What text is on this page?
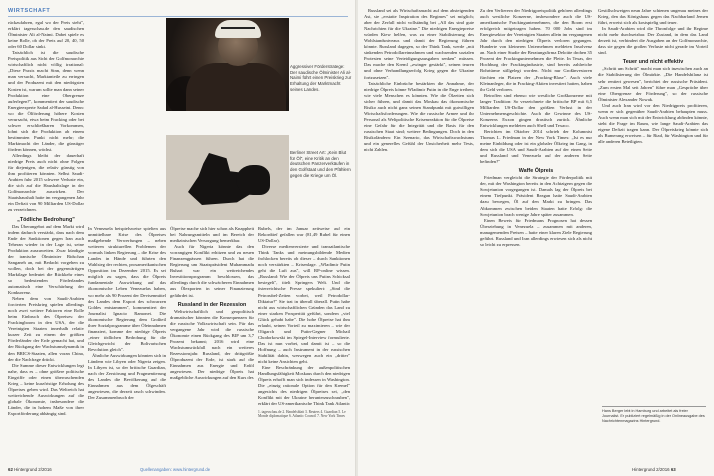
WIRTSCHAFT

rückzufahren, egal wo der Preis steht", erklärt tagesschau.de den saudischen Ölminister Ali al-Naimi. Dabei spiele es keine Rolle, ob der Preis auf 20, 40, 50 oder 60 Dollar sinkt.

Tatsächlich ist die saudische Preispolitik aus Sicht der Golfmonarchie wirtschaftlich nicht völlig irrational: „Diese Praxis macht Sinn, denn wenn man versucht, Marktanteile zu erringen und der Produzent mit den niedrigsten Kosten ist, warum sollte man dann seiner Produktion eine Obergrenze auferlegen?", kommentiert der saudische Energieexperte Sadad al-Husseini. Denn: wo die Ölförderung höhere Kosten verursacht, etwa beim Fracking oder bei schwer erschließbaren Vorkommen, lohnt sich die Produktion ab einem bestimmten Punkt nicht mehr; die Marktmacht der Länder, die günstiger fördern können, wächst.

Allerdings bleibt der dauerhaft niedrige Preis auch nicht ohne Folgen für diejenigen, die relativ günstig von ihm profitieren könnten. Selbst Saudi-Arabien fuhr 2015 schwere Verluste ein, die sich auf die Haushaltslage in der Golfmonarchie auswirken. Der Staatshaushalt hatte im vergangenen Jahr ein Defizit von 90 Milliarden US-Dollar zu verzeichnen.

„Tödliche Bedrohung"

Das Überangebot auf dem Markt wird indem dadurch verstärkt, dass nach dem Ende der Sanktionen gegen Iran auch Teheran wieder in der Lage ist, seine Produktion auszuweiten. Zwar kündigte der iranische Ölminister Bidschan Sanganeh an, mit Bedacht vorgehen zu wollen, doch bei der gegenwärtigen Marktlage bedeutet die Rückkehr eines so bedeutenden Förderlandes automatisch eine Verschärfung der Konkurrenz.

Neben dem von Saudi-Arabien forcierten Preiskrieg spielen allerdings noch zwei weitere Faktoren eine Rolle beim Einbruch des Ölpreises: der Frackingboom in den USA, der die Vereinigten Staaten innerhalb relativ kurzer Zeit zu einem der größten Förderländer der Erde gemacht hat, und der Rückgang der Wachstumsdynamik in den BRICS-Staaten, allen voran China, der die Nachfrage drückt.

Die Summe dieser Entwicklungen legt nahe, dass es – ohne größere politische Eingriffe oder einen überraschenden Krieg – keine kurzfristige Erholung des Ölpreises geben wird. Das Weltreich hat weitreichende Auswirkungen auf die globale Ökonomie, insbesondere die Länder, die in hohem Maße von ihrer Exportförderung abhängig sind.

Aggressiver Förderstratege: Der saudische Ölminister Ali al-Naimi führt einen Preiskrieg zur Erhaltung der Marktmacht seines Landes.
Berliner Street Art: „Kein Blut für Öl", eine Kritik an den deutschen Panzerverkäufen in den Golfstaat und den Pfählern gegen die Kriege um Öl.

In Venezuela beispielsweise spielten aus unmittelbare Krise des Ölpreises maßgebende Verwerfungen – neben weiteren strukturellen Problemen der vormals linken Regierung – die Krise des Landes in Hände und führten den Wahlsieg der rechten, prosamerikanischen Opposition im Dezember 2015. Es sei möglich zu sagen, dass die Ölpreis fundamentale Auswirkung auf das ökonomische Leben Venezuelas haben, wo mehr als 90 Prozent der Devisenmittel des Landes dem Export des schwarzen Goldes entstammen", kommentiert der Journalist Ignacio Ramonet. Die ökonomische Regierung dem Großteil ihrer Sozialprogramme über Öleinnahmen finanziert, komme der niedrige Ölpreis „einer tödlichen Bedrohung für die Gleichgewicht der Bolivarischen Revolution gleich".

Ähnliche Auswirkungen könnten sich in Ländern wie Libyen oder Nigeria zeigen. In Libyen ist, so der britische Guardian, nach der Zerstörung und Fragmentierung des Landes die Bevölkerung auf die Einnahmen aus dem Ölgeschäft angewiesen, die derzeit rasch schwinden. Der Zusammenbruch der

Ölpreise mache sich hier schon als Knappheit bei Nahrungsmitteln und im Bereich der medizinischen Versorgung bemerkbar.

Auch für Nigeria könnte das den vorrangigen Konflikt erhitzen und zu neuen Finanzengpässen führen. Durch hat die Regierung um Staatspräsident Muhammadu Buhari war ein weitreichendes Investitionsprogramm beschlossen, das allerdings durch die schwächeren Einnahmen aus Ölexporten in seiner Finanzierung gefährdet ist.

Russland in der Rezession

Weltwirtschaftlich und geopolitisch dramatischer könnten die Konsequenzen für die russische Volkswirtschaft sein. Für das vergangene Jahr wird die russische Ökonomie einen Rückgang des BIP um 3,7 Prozent bekannt; 2016 wird eine Wachstumsrückfall nach ein weiteres Rezessionsjahr. Russland, der drittgrößte Ölproduzent der Erde, ist stark auf die Einnahmen aus Energie und Erdöl angewiesen. Der niedrige Ölpreis hat maßgebliche Auswirkungen auf den Kurs des

Rubels, der im Januar zeitweise auf ein Rekordtief gefallen war (81,49 Rubel für einen US-Dollar).

Diverse medienversierte und transatlantische Think Tanks und meinungsbildende Medien frohlocken bereits ob dieser – durch Sanktionen noch verstärkten – Krisenlage. „Wladimir Putin geht die Luft aus", will RP-online wissen. „Russland: Wie der Ölpreis uns Putins Schicksal besiegelt", titelt Springers Welt. Und die österreichische Presse spekuliert: „Sind die Petrorubel-Zeiten vorbei, weil Petrodollar-Diktatur?" Sie trat in überall überall. Putin habe nicht aus wirtschaftlichen Gründen das Land zu einer starken Prosperität geführt, sondern „viel Glück gehabt habe". Die hohe Ölpreise hat ihm erlaubt, seinen Vorteil zu maximieren – wie der Oligarch und Putin-Gegner Michail Chodorkowski im Spiegel-Interview formulierte. Das ist nun vorbei, und damit ist – so die Hoffnung – auch Instrument in der russischen Stabilität dahin, weswegen auch ein „dritter" nicht keine Ansichten geht.

Eine Beschränkung der außenpolitischen Handlungsfähigkeit Moskaus durch den niedrigen Ölpreis erhofft man sich indessen in Washington. Die „einzig rationale Option für den Kremel" angesichts des niedrigen Ölpreises sei, „den Konflikt mit der Ukraine herunterzuschrauben", erklärt der US-amerikanische Think Tank Atlantic

1. tagesschau.de 2. Handelsblatt 3. Reuters 4. Guardian 5. Le Monde diplomatique 6. Atlantic Council 7. New York Times
62 Hintergrund 2/2016	Quellenangaben: www.hintergrund.de

Russland sei als Wirtschaftsmacht auf dem absteigenden Ast, sie „erstatte Inspiration des Regimes" sei möglich; aber der Zerfall nicht vollständig bei „All das sind gute Nachrichten für die Ukraine." Die niedrigen Energiepreise würden Kiew helfen, was zu einer Stabilisierung des Wohlstandsniveaus und damit der Regierung führen könnte. Russland dagegen, so der Think Tank, werde „mit sinkenden Petrodollareinnahmen und wachsenden sozialen Protesten seine Verteidigungsausgaben senken" müssen. Das mache den Kreml „zwinger gestärkt", seinen teuren und ohne Verhandlungserfolg Krieg gegen die Ukraine fortzusetzen".

Tatsächliche Einbrüche bestärkten die Annahme, der niedrige Ölpreis könne Wladimir Putin in die Enge treiben; wie viele Menschen es könnten. Wie die Ölzeiten sich sicher führen, und damit das Moskau das ökonomische Risiko auch nicht ganz seinen Standpunkt mit gutwilligen Wirtschaftsforderungen. Wie die russische Armee und ihr Personal als Weltpolitische Krisenreaktion für die Ölpreise eine Gefahr für die Integrität und die Basis für den russischen Staat sind; weitere Bedingungen. Doch in den Risikoländern: Ein Szenario, das Wirtschaftswachstums und ein generelles Gefühl der Unsicherheit mehr Tests, nicht Zahlen.

Zu den Verlierern der Niedrigpreispolitik gehören allerdings auch westliche Konzerne, insbesondere auch die US-amerikanische Frackingunternehmen, die den Boom erst erfolgreich mitgetragen haben. 70 000 Jobs sind im Energiesektor der Vereinigten Staaten allein im vergangenen Jahr durch den niedrigen Ölpreis verloren gegangen. Hunderte von kleineren Unternehmen meldeten Insolvenz an. Nach einer Studie der Beratungsfirma Deloitte drohen 35 Prozent der Frackingunternehmen die Pleite. In Texas, der Hochburg der Frackingindustrie, sind bereits zahlreiche Bohrtürme stillgelegt worden. Nicht nur Großinvestoren fürchten ein Platzen der „Fracking-Blase". Auch viele Kleinanleger, die in Fracking-Aktien investiert hatten, haben ihr Geld verloren.

Betroffen sind ebenso wie westliche Großkonzerne mit langer Tradition: So verzeichnete die britische BP mit 6,5 Milliarden US-Dollar den größten Verlust in der Unternehmensgeschichte. Auch die Gewinne des US-Konzerns Exxon gingen drastisch zurück. Ähnliche Entwicklungen meldeten auch Shell und Texaco.

Berichten im Oktober 2014 schrieb der Kolumnist Thomas L. Friedman in der New York Times: „Ist es nur meine Einbildung oder ist ein globaler Ölkrieg im Gang, in dem sich die USA und Saudi-Arabien auf der einen Seite und Russland und Venezuela auf der anderen Seite befinden?"

Waffe Ölpreis

Friedman vergleicht die Strategie der Förderpolitik mit der, mit der Washington bereits in den Achtzigern gegen die Sowjetunion vorgegangen ist. Damals lag der Ölpreis bei einem Tiefpunkt. Präsident Reagan hatte Saudi-Arabien dazu bewegen, Öl auf den Markt zu bringen. Das Abkommen zwischen beiden Staaten hatte Erfolg: die Sowjetunion brach wenige Jahre später zusammen.

Einen Beweis für Friedmans Prognosen hat dessen Überziehung in Venezuela – zusammen mit anderen, managemenden Preisen – hatte einer klaren Ziele Regierung geführt. Russland und Iran allerdings erwiesen sich als nicht so leicht zu erpressen.

Gestillschweigen neun Jahre schienen ungenau meines der Krieg, den das Königshaus gegen das Nachbarland Jemen führt, erweist sich als kostspielig und teuer.

In Saudi-Arabien wird die Thronfolge und ihr Regime nicht mehr durchsetzbar. Der Zustand, in dem das Land derzeit ist, verhindert die Ausgaben an der Golfmonarchie, dass sie gegen die großen Verluste nicht gerade im Vorteil sind.

Teuer und nicht effektiv

„Schritt um Schritt" macht man sich inzwischen auch an die Stabilisierung der Ölmärkte. „Die Handelsbilanz ist sehr rentiert gewesen", berichtet der russische Präsident. „Zum ersten Mal seit Jahren" führe man „Gespräche über eine Obergrenze der Förderung", so der russische Ölminister Alexander Nowak.

Und auch Iran wird vor den Niedrigpreis profitieren, wenn er sich gegenüber Saudi-Arabien behaupten muss. Auch wenn man sich mit der Entwicklung abfinden könnte, steht die Frage im Raum, wie lange Saudi-Arabien das eigene Defizit tragen kann. Der Ölpreiskrieg könnte sich als Bumerang erweisen – für Riad, für Washington und für alle anderen Beteiligten.

Hans Berger lebt in Hamburg und arbeitet als freier Journalist. Er publiziert regelmäßig in der Onlineausgabe des Nachrichtenmagazins Hintergrund.
Hintergrund 2/2016 63
